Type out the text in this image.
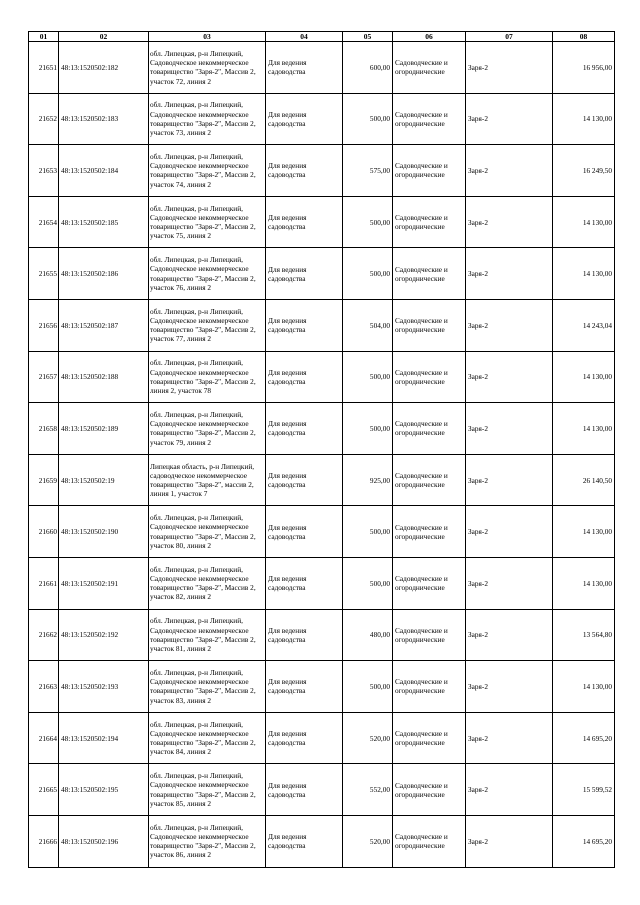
01	02	03	04	05	06	07	08
21651	48:13:1520502:182	обл. Липецкая, р-н Липецкий, Садоводческое некоммерческое товарищество "Заря-2", Массив 2, участок 72, линия 2	Для ведения садоводства	600,00	Садоводческие и огороднические	Заря-2	16 956,00
21652	48:13:1520502:183	обл. Липецкая, р-н Липецкий, Садоводческое некоммерческое товарищество "Заря-2", Массив 2, участок 73, линия 2	Для ведения садоводства	500,00	Садоводческие и огороднические	Заря-2	14 130,00
21653	48:13:1520502:184	обл. Липецкая, р-н Липецкий, Садоводческое некоммерческое товарищество "Заря-2", Массив 2, участок 74, линия 2	Для ведения садоводства	575,00	Садоводческие и огороднические	Заря-2	16 249,50
21654	48:13:1520502:185	обл. Липецкая, р-н Липецкий, Садоводческое некоммерческое товарищество "Заря-2", Массив 2, участок 75, линия 2	Для ведения садоводства	500,00	Садоводческие и огороднические	Заря-2	14 130,00
21655	48:13:1520502:186	обл. Липецкая, р-н Липецкий, Садоводческое некоммерческое товарищество "Заря-2", Массив 2, участок 76, линия 2	Для ведения садоводства	500,00	Садоводческие и огороднические	Заря-2	14 130,00
21656	48:13:1520502:187	обл. Липецкая, р-н Липецкий, Садоводческое некоммерческое товарищество "Заря-2", Массив 2, участок 77, линия 2	Для ведения садоводства	504,00	Садоводческие и огороднические	Заря-2	14 243,04
21657	48:13:1520502:188	обл. Липецкая, р-н Липецкий, Садоводческое некоммерческое товарищество "Заря-2", Массив 2, линия 2, участок 78	Для ведения садоводства	500,00	Садоводческие и огороднические	Заря-2	14 130,00
21658	48:13:1520502:189	обл. Липецкая, р-н Липецкий, Садоводческое некоммерческое товарищество "Заря-2", Массив 2, участок 79, линия 2	Для ведения садоводства	500,00	Садоводческие и огороднические	Заря-2	14 130,00
21659	48:13:1520502:19	Липецкая область, р-н Липецкий, садоводческое некоммерческое товарищество "Заря-2", массив 2, линия 1, участок 7	Для ведения садоводства	925,00	Садоводческие и огороднические	Заря-2	26 140,50
21660	48:13:1520502:190	обл. Липецкая, р-н Липецкий, Садоводческое некоммерческое товарищество "Заря-2", Массив 2, участок 80, линия 2	Для ведения садоводства	500,00	Садоводческие и огороднические	Заря-2	14 130,00
21661	48:13:1520502:191	обл. Липецкая, р-н Липецкий, Садоводческое некоммерческое товарищество "Заря-2", Массив 2, участок 82, линия 2	Для ведения садоводства	500,00	Садоводческие и огороднические	Заря-2	14 130,00
21662	48:13:1520502:192	обл. Липецкая, р-н Липецкий, Садоводческое некоммерческое товарищество "Заря-2", Массив 2, участок 81, линия 2	Для ведения садоводства	480,00	Садоводческие и огороднические	Заря-2	13 564,80
21663	48:13:1520502:193	обл. Липецкая, р-н Липецкий, Садоводческое некоммерческое товарищество "Заря-2", Массив 2, участок 83, линия 2	Для ведения садоводства	500,00	Садоводческие и огороднические	Заря-2	14 130,00
21664	48:13:1520502:194	обл. Липецкая, р-н Липецкий, Садоводческое некоммерческое товарищество "Заря-2", Массив 2, участок 84, линия 2	Для ведения садоводства	520,00	Садоводческие и огороднические	Заря-2	14 695,20
21665	48:13:1520502:195	обл. Липецкая, р-н Липецкий, Садоводческое некоммерческое товарищество "Заря-2", Массив 2, участок 85, линия 2	Для ведения садоводства	552,00	Садоводческие и огороднические	Заря-2	15 599,52
21666	48:13:1520502:196	обл. Липецкая, р-н Липецкий, Садоводческое некоммерческое товарищество "Заря-2", Массив 2, участок 86, линия 2	Для ведения садоводства	520,00	Садоводческие и огороднические	Заря-2	14 695,20
